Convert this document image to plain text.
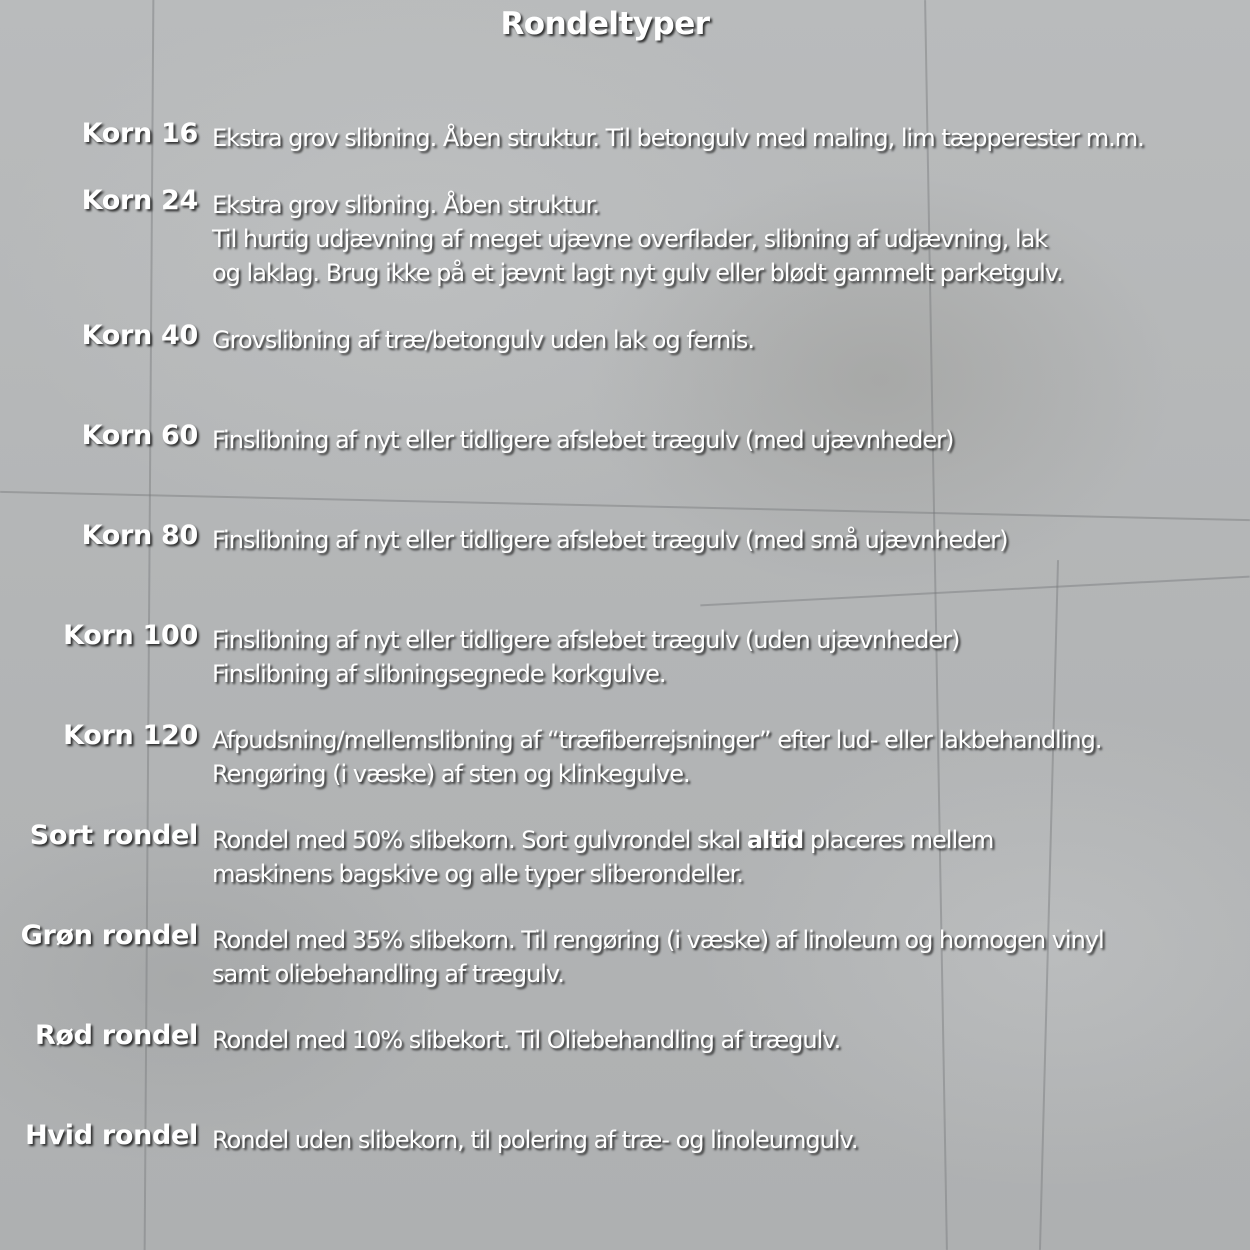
Rondeltyper
Korn 16 Ekstra grov slibning. Åben struktur. Til betongulv med maling, lim tæpperester m.m.
Korn 24 Ekstra grov slibning. Åben struktur.
Til hurtig udjævning af meget ujævne overflader, slibning af udjævning, lak
og laklag. Brug ikke på et jævnt lagt nyt gulv eller blødt gammelt parketgulv.
Korn 40 Grovslibning af træ/betongulv uden lak og fernis.
Korn 60 Finslibning af nyt eller tidligere afslebet trægulv (med ujævnheder)
Korn 80 Finslibning af nyt eller tidligere afslebet trægulv (med små ujævnheder)
Korn 100 Finslibning af nyt eller tidligere afslebet trægulv (uden ujævnheder)
Finslibning af slibningsegnede korkgulve.
Korn 120 Afpudsning/mellemslibning af “træfiberrejsninger” efter lud- eller lakbehandling.
Rengøring (i væske) af sten og klinkegulve.
Sort rondel Rondel med 50% slibekorn. Sort gulvrondel skal altid placeres mellem
maskinens bagskive og alle typer sliberondeller.
Grøn rondel Rondel med 35% slibekorn. Til rengøring (i væske) af linoleum og homogen vinyl
samt oliebehandling af trægulv.
Rød rondel Rondel med 10% slibekort. Til Oliebehandling af trægulv.
Hvid rondel Rondel uden slibekorn, til polering af træ- og linoleumgulv.
